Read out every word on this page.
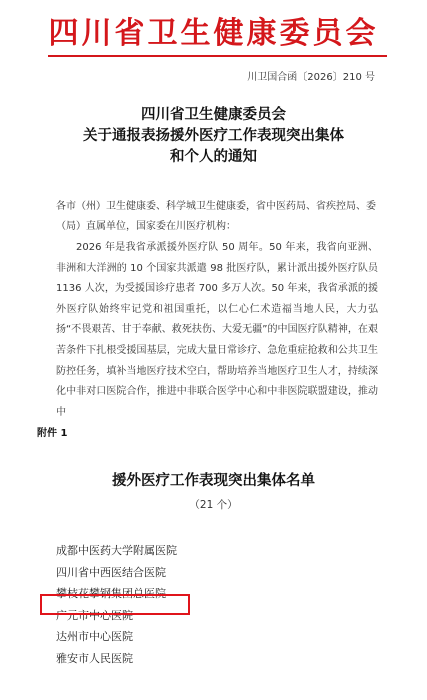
四川省卫生健康委员会
川卫国合函〔2026〕210 号
四川省卫生健康委员会
关于通报表扬援外医疗工作表现突出集体
和个人的通知
各市（州）卫生健康委、科学城卫生健康委，省中医药局、省疾控局、委（局）直属单位，国家委在川医疗机构：
2026 年是我省承派援外医疗队 50 周年。50 年来，我省向亚洲、非洲和大洋洲的 10 个国家共派遣 98 批医疗队，累计派出援外医疗队员 1136 人次，为受援国诊疗患者 700 多万人次。50 年来，我省承派的援外医疗队始终牢记党和祖国重托，以仁心仁术造福当地人民，大力弘扬“不畏艰苦、甘于奉献、救死扶伤、大爱无疆”的中国医疗队精神，在艰苦条件下扎根受援国基层，完成大量日常诊疗、急危重症抢救和公共卫生防控任务，填补当地医疗技术空白，帮助培养当地医疗卫生人才，持续深化中非对口医院合作，推进中非联合医学中心和中非医院联盟建设，推动中
附件 1
援外医疗工作表现突出集体名单
（21 个）
成都中医药大学附属医院
四川省中西医结合医院
攀枝花攀钢集团总医院
广元市中心医院
达州市中心医院
雅安市人民医院
